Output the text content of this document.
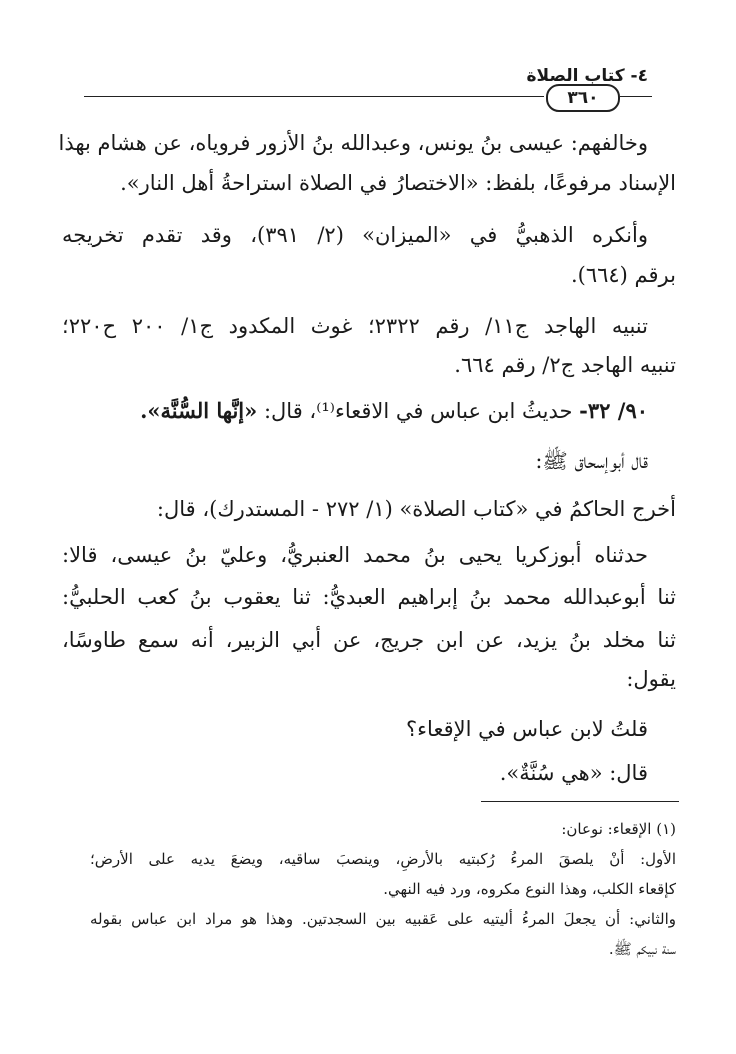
٤- كتاب الصلاة
٣٦٠
وخالفهم: عيسى بنُ يونس، وعبدالله بنُ الأزور فروياه، عن هشام بهذا
الإسناد مرفوعًا، بلفظ: «الاختصارُ في الصلاة استراحةُ أهل النار».
وأنكره الذهبيُّ في «الميزان» (٢/ ٣٩١)، وقد تقدم تخريجه
برقم (٦٦٤).
تنبيه الهاجد ج١١/ رقم ٢٣٢٢؛ غوث المكدود ج١/ ٢٠٠ ح٢٢٠؛
تنبيه الهاجد ج٢/ رقم ٦٦٤.
٩٠/ ٣٢- حديثُ ابن عباس في الاقعاء⁽¹⁾، قال: «إنَّها السُّنَّة».
قال أبوإسحاق ﷺ:
أخرج الحاكمُ في «كتاب الصلاة» (١/ ٢٧٢ - المستدرك)، قال:
حدثناه أبوزكريا يحيى بنُ محمد العنبريُّ، وعليّ بنُ عيسى، قالا:
ثنا أبوعبدالله محمد بنُ إبراهيم العبديُّ: ثنا يعقوب بنُ كعب الحلبيُّ:
ثنا مخلد بنُ يزيد، عن ابن جريج، عن أبي الزبير، أنه سمع طاوسًا،
يقول:
قلتُ لابن عباس في الإقعاء؟
قال: «هي سُنَّةٌ».
(١) الإقعاء: نوعان:
الأول: أنْ يلصقَ المرءُ رُكبتيه بالأرضِ، وينصبَ ساقيه، ويضعَ يديه على الأرض؛
كإقعاء الكلب، وهذا النوع مكروه، ورد فيه النهي.
والثاني: أن يجعلَ المرءُ أليتيه على عَقبيه بين السجدتين. وهذا هو مراد ابن عباس بقوله
سنة نبيكم ﷺ.
